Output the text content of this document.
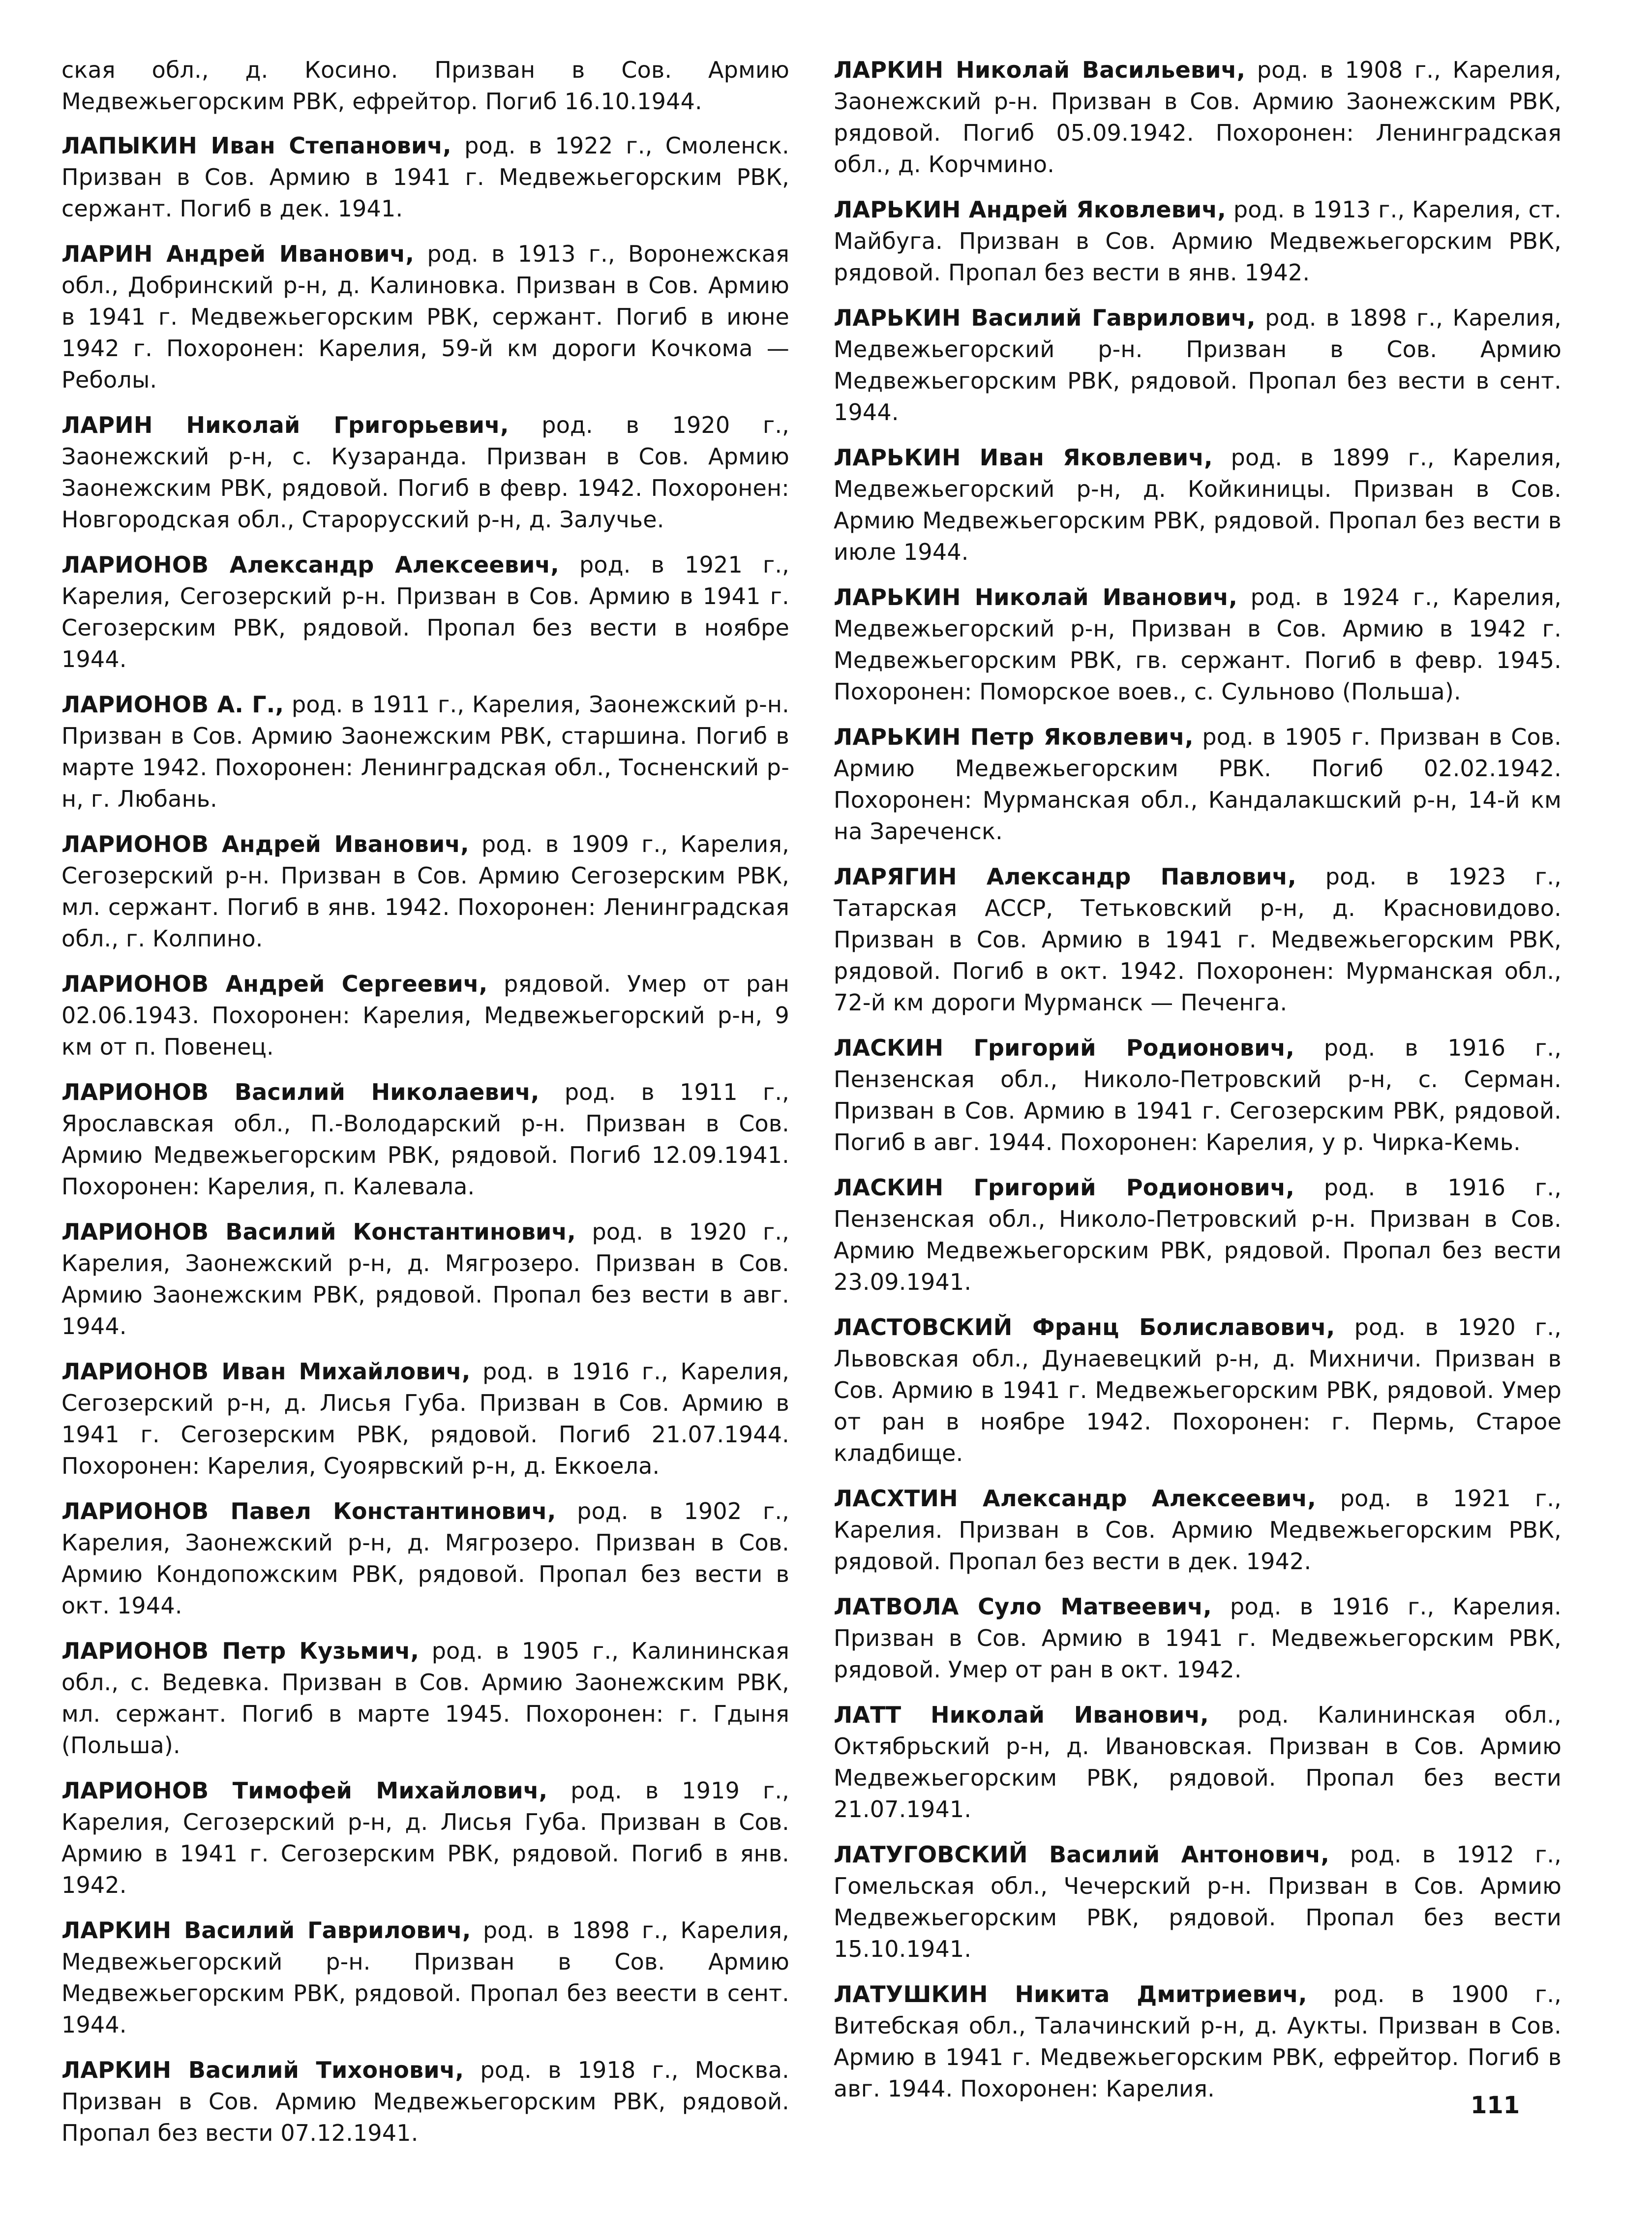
ская обл., д. Косино. Призван в Сов. Армию Медвежьегорским РВК, ефрейтор. Погиб 16.10.1944.

ЛАПЫКИН Иван Степанович, род. в 1922 г., Смоленск. Призван в Сов. Армию в 1941 г. Медвежьегорским РВК, сержант. Погиб в дек. 1941.

ЛАРИН Андрей Иванович, род. в 1913 г., Воронежская обл., Добринский р-н, д. Калиновка. Призван в Сов. Армию в 1941 г. Медвежьегорским РВК, сержант. Погиб в июне 1942 г. Похоронен: Карелия, 59-й км дороги Кочкома — Реболы.

ЛАРИН Николай Григорьевич, род. в 1920 г., Заонежский р-н, с. Кузаранда. Призван в Сов. Армию Заонежским РВК, рядовой. Погиб в февр. 1942. Похоронен: Новгородская обл., Старорусский р-н, д. Залучье.

ЛАРИОНОВ Александр Алексеевич, род. в 1921 г., Карелия, Сегозерский р-н. Призван в Сов. Армию в 1941 г. Сегозерским РВК, рядовой. Пропал без вести в ноябре 1944.

ЛАРИОНОВ А. Г., род. в 1911 г., Карелия, Заонежский р-н. Призван в Сов. Армию Заонежским РВК, старшина. Погиб в марте 1942. Похоронен: Ленинградская обл., Тосненский р-н, г. Любань.

ЛАРИОНОВ Андрей Иванович, род. в 1909 г., Карелия, Сегозерский р-н. Призван в Сов. Армию Сегозерским РВК, мл. сержант. Погиб в янв. 1942. Похоронен: Ленинградская обл., г. Колпино.

ЛАРИОНОВ Андрей Сергеевич, рядовой. Умер от ран 02.06.1943. Похоронен: Карелия, Медвежьегорский р-н, 9 км от п. Повенец.

ЛАРИОНОВ Василий Николаевич, род. в 1911 г., Ярославская обл., П.-Володарский р-н. Призван в Сов. Армию Медвежьегорским РВК, рядовой. Погиб 12.09.1941. Похоронен: Карелия, п. Калевала.

ЛАРИОНОВ Василий Константинович, род. в 1920 г., Карелия, Заонежский р-н, д. Мягрозеро. Призван в Сов. Армию Заонежским РВК, рядовой. Пропал без вести в авг. 1944.

ЛАРИОНОВ Иван Михайлович, род. в 1916 г., Карелия, Сегозерский р-н, д. Лисья Губа. Призван в Сов. Армию в 1941 г. Сегозерским РВК, рядовой. Погиб 21.07.1944. Похоронен: Карелия, Суоярвский р-н, д. Еккоела.

ЛАРИОНОВ Павел Константинович, род. в 1902 г., Карелия, Заонежский р-н, д. Мягрозеро. Призван в Сов. Армию Кондопожским РВК, рядовой. Пропал без вести в окт. 1944.

ЛАРИОНОВ Петр Кузьмич, род. в 1905 г., Калининская обл., с. Ведевка. Призван в Сов. Армию Заонежским РВК, мл. сержант. Погиб в марте 1945. Похоронен: г. Гдыня (Польша).

ЛАРИОНОВ Тимофей Михайлович, род. в 1919 г., Карелия, Сегозерский р-н, д. Лисья Губа. Призван в Сов. Армию в 1941 г. Сегозерским РВК, рядовой. Погиб в янв. 1942.

ЛАРКИН Василий Гаврилович, род. в 1898 г., Карелия, Медвежьегорский р-н. Призван в Сов. Армию Медвежьегорским РВК, рядовой. Пропал без веести в сент. 1944.

ЛАРКИН Василий Тихонович, род. в 1918 г., Москва. Призван в Сов. Армию Медвежьегорским РВК, рядовой. Пропал без вести 07.12.1941.

ЛАРКИН Николай Васильевич, род. в 1908 г., Карелия, Заонежский р-н. Призван в Сов. Армию Заонежским РВК, рядовой. Погиб 05.09.1942. Похоронен: Ленинградская обл., д. Корчмино.

ЛАРЬКИН Андрей Яковлевич, род. в 1913 г., Карелия, ст. Майбуга. Призван в Сов. Армию Медвежьегорским РВК, рядовой. Пропал без вести в янв. 1942.

ЛАРЬКИН Василий Гаврилович, род. в 1898 г., Карелия, Медвежьегорский р-н. Призван в Сов. Армию Медвежьегорским РВК, рядовой. Пропал без вести в сент. 1944.

ЛАРЬКИН Иван Яковлевич, род. в 1899 г., Карелия, Медвежьегорский р-н, д. Койкиницы. Призван в Сов. Армию Медвежьегорским РВК, рядовой. Пропал без вести в июле 1944.

ЛАРЬКИН Николай Иванович, род. в 1924 г., Карелия, Медвежьегорский р-н, Призван в Сов. Армию в 1942 г. Медвежьегорским РВК, гв. сержант. Погиб в февр. 1945. Похоронен: Поморское воев., с. Сульново (Польша).

ЛАРЬКИН Петр Яковлевич, род. в 1905 г. Призван в Сов. Армию Медвежьегорским РВК. Погиб 02.02.1942. Похоронен: Мурманская обл., Кандалакшский р-н, 14-й км на Зареченск.

ЛАРЯГИН Александр Павлович, род. в 1923 г., Татарская АССР, Тетьковский р-н, д. Красновидово. Призван в Сов. Армию в 1941 г. Медвежьегорским РВК, рядовой. Погиб в окт. 1942. Похоронен: Мурманская обл., 72-й км дороги Мурманск — Печенга.

ЛАСКИН Григорий Родионович, род. в 1916 г., Пензенская обл., Николо-Петровский р-н, с. Серман. Призван в Сов. Армию в 1941 г. Сегозерским РВК, рядовой. Погиб в авг. 1944. Похоронен: Карелия, у р. Чирка-Кемь.

ЛАСКИН Григорий Родионович, род. в 1916 г., Пензенская обл., Николо-Петровский р-н. Призван в Сов. Армию Медвежьегорским РВК, рядовой. Пропал без вести 23.09.1941.

ЛАСТОВСКИЙ Франц Болиславович, род. в 1920 г., Львовская обл., Дунаевецкий р-н, д. Михничи. Призван в Сов. Армию в 1941 г. Медвежьегорским РВК, рядовой. Умер от ран в ноябре 1942. Похоронен: г. Пермь, Старое кладбище.

ЛАСХТИН Александр Алексеевич, род. в 1921 г., Карелия. Призван в Сов. Армию Медвежьегорским РВК, рядовой. Пропал без вести в дек. 1942.

ЛАТВОЛА Суло Матвеевич, род. в 1916 г., Карелия. Призван в Сов. Армию в 1941 г. Медвежьегорским РВК, рядовой. Умер от ран в окт. 1942.

ЛАТТ Николай Иванович, род. Калининская обл., Октябрьский р-н, д. Ивановская. Призван в Сов. Армию Медвежьегорским РВК, рядовой. Пропал без вести 21.07.1941.

ЛАТУГОВСКИЙ Василий Антонович, род. в 1912 г., Гомельская обл., Чечерский р-н. Призван в Сов. Армию Медвежьегорским РВК, рядовой. Пропал без вести 15.10.1941.

ЛАТУШКИН Никита Дмитриевич, род. в 1900 г., Витебская обл., Талачинский р-н, д. Аукты. Призван в Сов. Армию в 1941 г. Медвежьегорским РВК, ефрейтор. Погиб в авг. 1944. Похоронен: Карелия.

111
